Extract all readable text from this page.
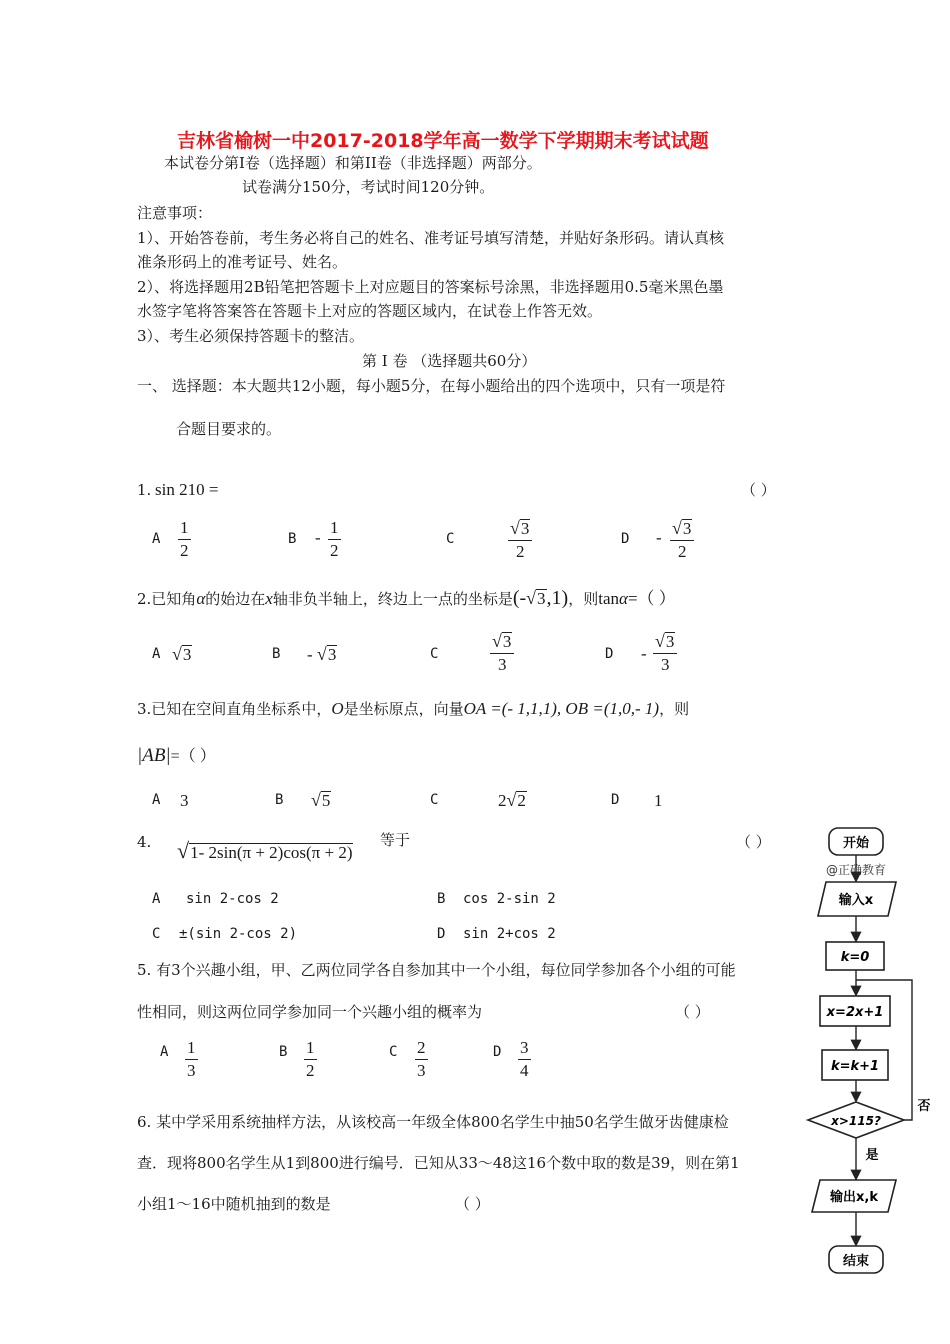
吉林省榆树一中2017-2018学年高一数学下学期期末考试试题
本试卷分第Ⅰ卷（选择题）和第II卷（非选择题）两部分。
试卷满分150分，考试时间120分钟。
注意事项：
1）、开始答卷前，考生务必将自己的姓名、准考证号填写清楚，并贴好条形码。请认真核
准条形码上的准考证号、姓名。
2）、将选择题用2B铅笔把答题卡上对应题目的答案标号涂黑，非选择题用0.5毫米黑色墨
水签字笔将答案答在答题卡上对应的答题区域内，在试卷上作答无效。
3）、考生必须保持答题卡的整洁。
第 Ⅰ 卷 （选择题共60分）
一、 选择题：本大题共12小题，每小题5分，在每小题给出的四个选项中，只有一项是符
合题目要求的。
1. sin 210 =	（ ）
A $\frac{1}{2}$	B - $\frac{1}{2}$	C	$\frac{√3}{2}$	D - $\frac{√3}{2}$
2.已知角α的始边在x轴非负半轴上，终边上一点的坐标是(-√3,1)，则tanα=（ ）
A √3	B - √3	C	$\frac{√3}{3}$	D - $\frac{√3}{3}$
3.已知在空间直角坐标系中，O是坐标原点，向量OA =(- 1,1,1), OB =(1,0,- 1)，则
|AB|=（ ）
A 3	B √5	C	2√2	D 1
4. √1- 2sin(π + 2)cos(π + 2)
等于	（ ）
A sin 2-cos 2	B cos 2-sin 2
C ±(sin 2-cos 2)	D sin 2+cos 2
5. 有3个兴趣小组，甲、乙两位同学各自参加其中一个小组，每位同学参加各个小组的可能
性相同，则这两位同学参加同一个兴趣小组的概率为	（ ）
A $\frac{1}{3}$	B $\frac{1}{2}$	C $\frac{2}{3}$	D $\frac{3}{4}$
6. 某中学采用系统抽样方法，从该校高一年级全体800名学生中抽50名学生做牙齿健康检
查．现将800名学生从1到800进行编号．已知从33～48这16个数中取的数是39，则在第1
小组1～16中随机抽到的数是	（ ）
开始
@正确教育
输入x
k=0
x=2x+1
k=k+1
x>115?
否
是
输出x,k
结束
